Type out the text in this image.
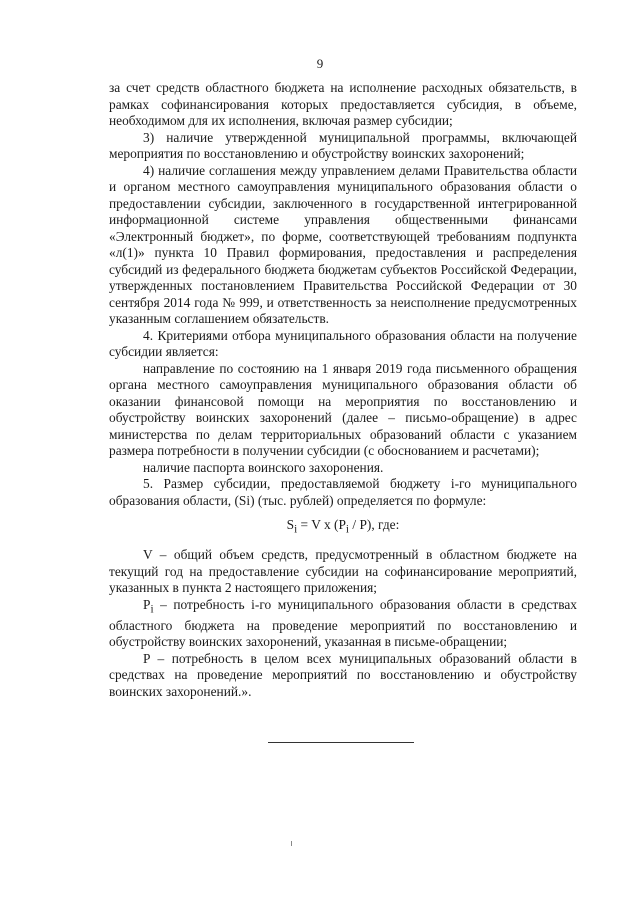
9

за счет средств областного бюджета на исполнение расходных обязательств, в рамках софинансирования которых предоставляется субсидия, в объеме, необходимом для их исполнения, включая размер субсидии;

3) наличие утвержденной муниципальной программы, включающей мероприятия по восстановлению и обустройству воинских захоронений;

4) наличие соглашения между управлением делами Правительства области и органом местного самоуправления муниципального образования области о предоставлении субсидии, заключенного в государственной интегрированной информационной системе управления общественными финансами «Электронный бюджет», по форме, соответствующей требованиям подпункта «л(1)» пункта 10 Правил формирования, предоставления и распределения субсидий из федерального бюджета бюджетам субъектов Российской Федерации, утвержденных постановлением Правительства Российской Федерации от 30 сентября 2014 года № 999, и ответственность за неисполнение предусмотренных указанным соглашением обязательств.

4. Критериями отбора муниципального образования области на получение субсидии является:

направление по состоянию на 1 января 2019 года письменного обращения органа местного самоуправления муниципального образования области об оказании финансовой помощи на мероприятия по восстановлению и обустройству воинских захоронений (далее – письмо-обращение) в адрес министерства по делам территориальных образований области с указанием размера потребности в получении субсидии (с обоснованием и расчетами);

наличие паспорта воинского захоронения.

5. Размер субсидии, предоставляемой бюджету i-го муниципального образования области, (Si) (тыс. рублей) определяется по формуле:

$S_i = V$ x $(P_i / P)$, где:

V – общий объем средств, предусмотренный в областном бюджете на текущий год на предоставление субсидии на софинансирование мероприятий, указанных в пункта 2 настоящего приложения;

$P_i$ – потребность i-го муниципального образования области в средствах областного бюджета на проведение мероприятий по восстановлению и обустройству воинских захоронений, указанная в письме-обращении;

P – потребность в целом всех муниципальных образований области в средствах на проведение мероприятий по восстановлению и обустройству воинских захоронений.».
